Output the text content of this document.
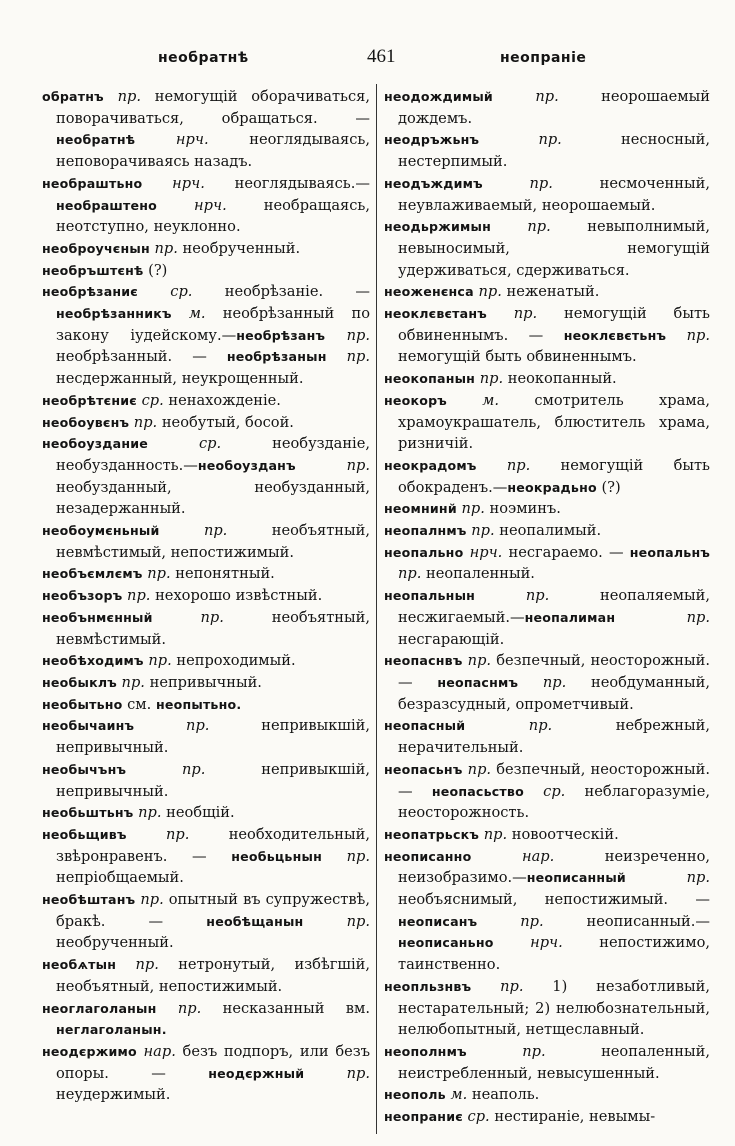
необратнѣ	461	неопраніе

обратнъ пр. немогущій оборачиваться, поворачиваться, обращаться. — необратнѣ нрч. неоглядываясь, неповорачиваясь назадъ.

необраштьно нрч. неоглядываясь.— необраштено нрч. необращаясь, неотступно, неуклонно.

необроучєнын пр. необрученный.

необръштєнѣ (?)

необрѣзаниє ср. необрѣзаніе. — необрѣзанникъ м. необрѣзанный по закону іудейскому.—необрѣзанъ пр. необрѣзанный. — необрѣзанын пр. несдержанный, неукрощенный.

необрѣтєниє ср. ненахожденіе.

необоувєнъ пр. необутый, босой.

необоуздание ср. необузданіе, необузданность.—необоузданъ пр. необузданный, необузданный, незадержанный.

необоумєньный пр. необъятный, невмѣстимый, непостижимый.

необъємлємъ пр. непонятный.

необъзоръ пр. нехорошо извѣстный.

необънмєнный пр. необъятный, невмѣстимый.

необѣходимъ пр. непроходимый.

необыклъ пр. непривычный.

необытьно см. неопытьно.

необычаинъ пр. непривыкшій, непривычный.

необычънъ пр. непривыкшій, непривычный.

необьштьнъ пр. необщій.

необьщивъ пр. необходительный, звѣронравенъ. — необьцьнын пр. непріобщаемый.

необѣштанъ пр. опытный въ супружествѣ, бракѣ. — необѣщанын пр. необрученный.

необѧтын пр. нетронутый, избѣгшій, необъятный, непостижимый.

неоглаголанын пр. несказанный вм. неглаголанын.

неодєржимо нар. безъ подпоръ, или безъ опоры. — неодєржный пр. неудержимый.

неодождимый пр. неорошаемый дождемъ.

неодръжьнъ пр. несносный, нестерпимый.

неодъждимъ пр. несмоченный, неувлаживаемый, неорошаемый.

неодьржимын пр. невыполнимый, невыносимый, немогущій удерживаться, сдерживаться.

неоженєнса пр. неженатый.

неоклєвєтанъ пр. немогущій быть обвиненнымъ. — неоклєвєтьнъ пр. немогущій быть обвиненнымъ.

неокопанын пр. неокопанный.

неокоръ м. смотритель храма, храмоукрашатель, блюститель храма, ризничій.

неокрадомъ пр. немогущій быть обокраденъ.—неокрадьно (?)

неомнинй пр. ноэминъ.

неопалнмъ пр. неопалимый.

неопально нрч. несгараемо. — неопальнъ пр. неопаленный.

неопальнын пр. неопаляемый, несжигаемый.—неопалиман пр. несгарающій.

неопаснвъ пр. безпечный, неосторожный. — неопаснмъ пр. необдуманный, безразсудный, опрометчивый.

неопасный пр. небрежный, нерачительный.

неопасьнъ пр. безпечный, неосторожный.— неопасьство ср. неблагоразуміе, неосторожность.

неопатрьскъ пр. новоотческій.

неописанно нар. неизреченно, неизобразимо.—неописанный пр. необъяснимый, непостижимый. — неописанъ пр. неописанный.—неописаньно нрч. непостижимо, таинственно.

неопльзнвъ пр. 1) незаботливый, нестарательный; 2) нелюбознательный, нелюбопытный, нетщеславный.

неополнмъ пр. неопаленный, неистребленный, невысушенный.

неополь м. неаполь.

неопраниє ср. нестираніе, невымы-
